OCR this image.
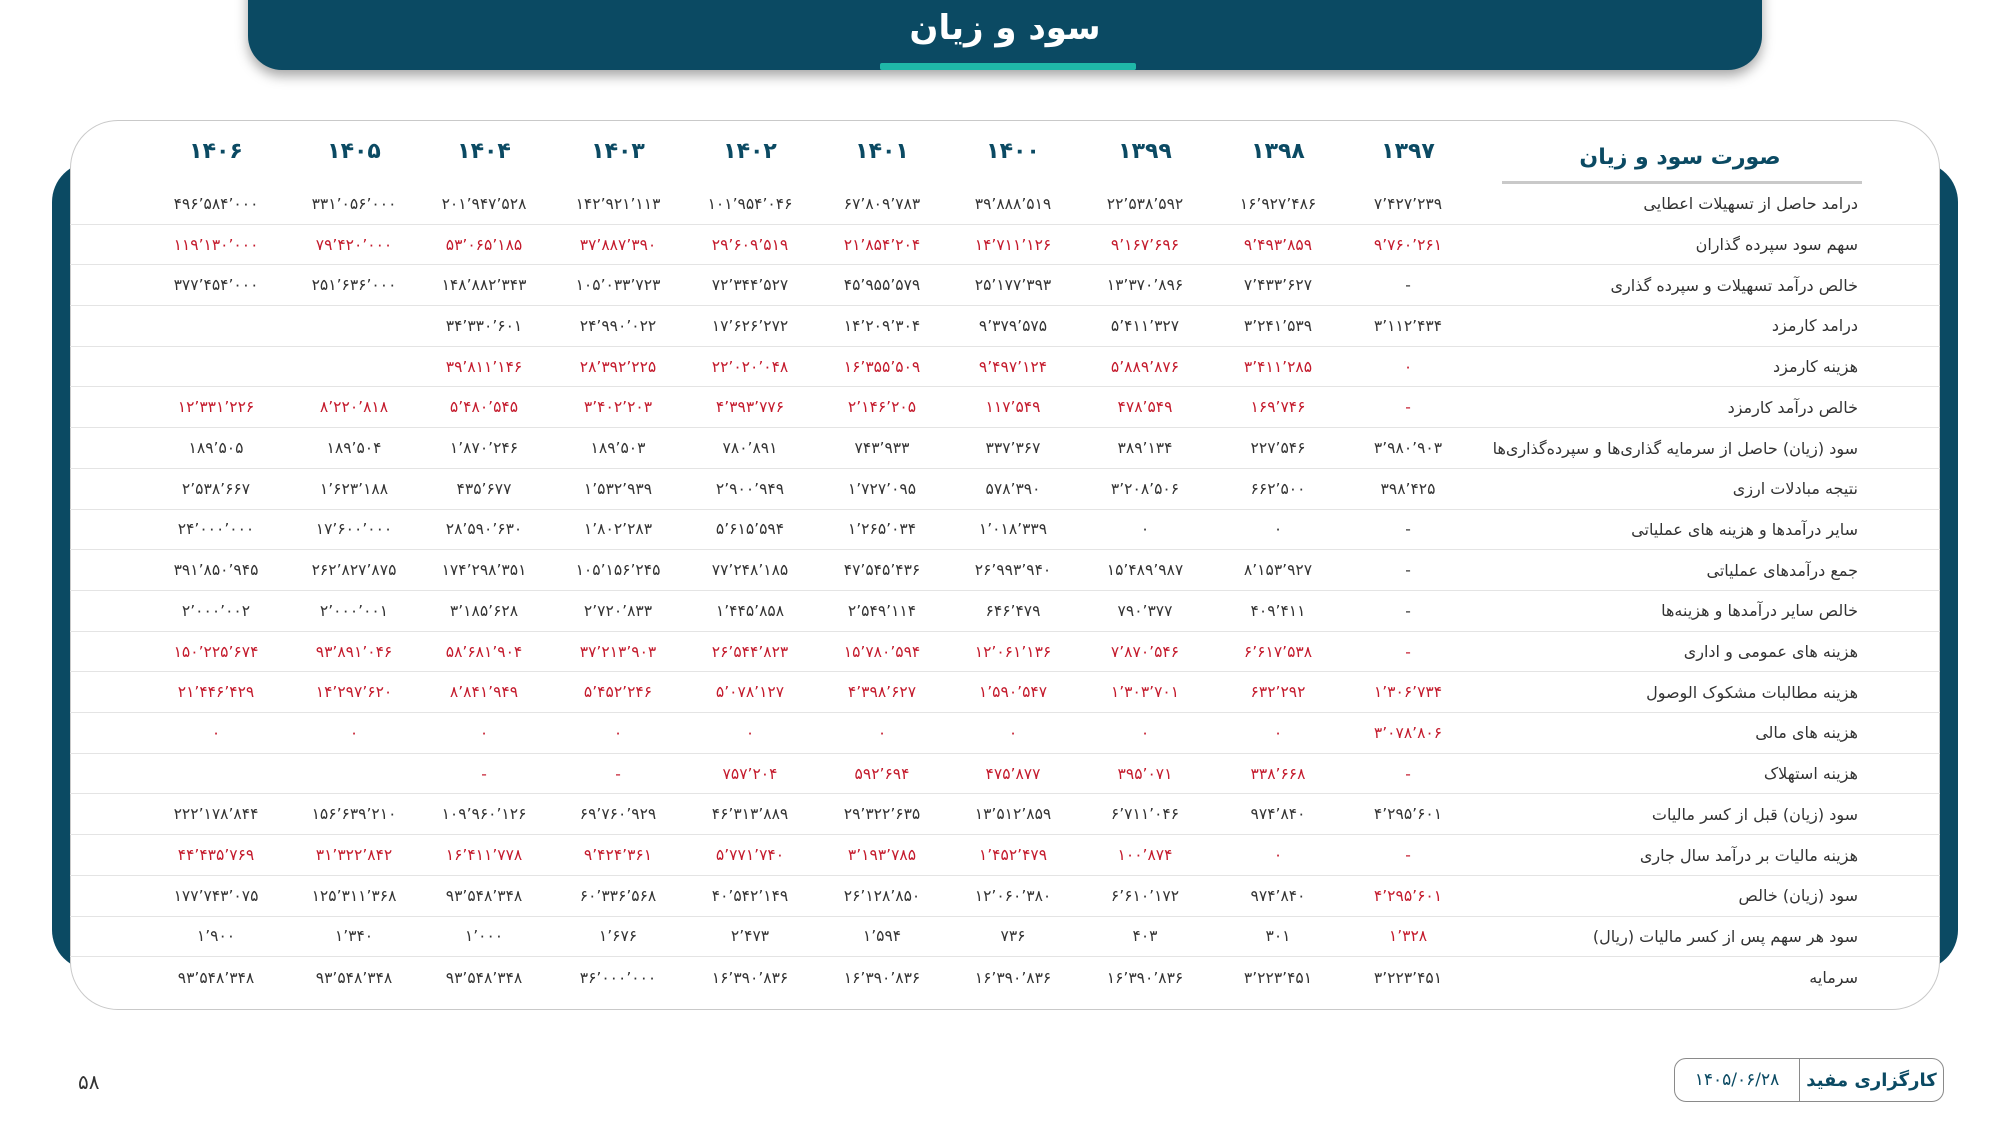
سود و زیان
صورت سود و زیان
۱۳۹۷
۱۳۹۸
۱۳۹۹
۱۴۰۰
۱۴۰۱
۱۴۰۲
۱۴۰۳
۱۴۰۴
۱۴۰۵
۱۴۰۶
درامد حاصل از تسهیلات اعطایی
۷٬۴۲۷٬۲۳۹
۱۶٬۹۲۷٬۴۸۶
۲۲٬۵۳۸٬۵۹۲
۳۹٬۸۸۸٬۵۱۹
۶۷٬۸۰۹٬۷۸۳
۱۰۱٬۹۵۴٬۰۴۶
۱۴۲٬۹۲۱٬۱۱۳
۲۰۱٬۹۴۷٬۵۲۸
۳۳۱٬۰۵۶٬۰۰۰
۴۹۶٬۵۸۴٬۰۰۰
سهم سود سپرده گذاران
۹٬۷۶۰٬۲۶۱
۹٬۴۹۳٬۸۵۹
۹٬۱۶۷٬۶۹۶
۱۴٬۷۱۱٬۱۲۶
۲۱٬۸۵۴٬۲۰۴
۲۹٬۶۰۹٬۵۱۹
۳۷٬۸۸۷٬۳۹۰
۵۳٬۰۶۵٬۱۸۵
۷۹٬۴۲۰٬۰۰۰
۱۱۹٬۱۳۰٬۰۰۰
خالص درآمد تسهیلات و سپرده گذاری
-
۷٬۴۳۳٬۶۲۷
۱۳٬۳۷۰٬۸۹۶
۲۵٬۱۷۷٬۳۹۳
۴۵٬۹۵۵٬۵۷۹
۷۲٬۳۴۴٬۵۲۷
۱۰۵٬۰۳۳٬۷۲۳
۱۴۸٬۸۸۲٬۳۴۳
۲۵۱٬۶۳۶٬۰۰۰
۳۷۷٬۴۵۴٬۰۰۰
درامد کارمزد
۳٬۱۱۲٬۴۳۴
۳٬۲۴۱٬۵۳۹
۵٬۴۱۱٬۳۲۷
۹٬۳۷۹٬۵۷۵
۱۴٬۲۰۹٬۳۰۴
۱۷٬۶۲۶٬۲۷۲
۲۴٬۹۹۰٬۰۲۲
۳۴٬۳۳۰٬۶۰۱
هزینه کارمزد
۰
۳٬۴۱۱٬۲۸۵
۵٬۸۸۹٬۸۷۶
۹٬۴۹۷٬۱۲۴
۱۶٬۳۵۵٬۵۰۹
۲۲٬۰۲۰٬۰۴۸
۲۸٬۳۹۲٬۲۲۵
۳۹٬۸۱۱٬۱۴۶
خالص درآمد کارمزد
-
۱۶۹٬۷۴۶
۴۷۸٬۵۴۹
۱۱۷٬۵۴۹
۲٬۱۴۶٬۲۰۵
۴٬۳۹۳٬۷۷۶
۳٬۴۰۲٬۲۰۳
۵٬۴۸۰٬۵۴۵
۸٬۲۲۰٬۸۱۸
۱۲٬۳۳۱٬۲۲۶
سود (زیان) حاصل از سرمایه گذاری‌ها و سپرده‌گذاری‌ها
۳٬۹۸۰٬۹۰۳
۲۲۷٬۵۴۶
۳۸۹٬۱۳۴
۳۳۷٬۳۶۷
۷۴۳٬۹۳۳
۷۸۰٬۸۹۱
۱۸۹٬۵۰۳
۱٬۸۷۰٬۲۴۶
۱۸۹٬۵۰۴
۱۸۹٬۵۰۵
نتیجه مبادلات ارزی
۳۹۸٬۴۲۵
۶۶۲٬۵۰۰
۳٬۲۰۸٬۵۰۶
۵۷۸٬۳۹۰
۱٬۷۲۷٬۰۹۵
۲٬۹۰۰٬۹۴۹
۱٬۵۳۲٬۹۳۹
۴۳۵٬۶۷۷
۱٬۶۲۳٬۱۸۸
۲٬۵۳۸٬۶۶۷
سایر درآمدها و هزینه های عملیاتی
-
۰
۰
۱٬۰۱۸٬۳۳۹
۱٬۲۶۵٬۰۳۴
۵٬۶۱۵٬۵۹۴
۱٬۸۰۲٬۲۸۳
۲۸٬۵۹۰٬۶۳۰
۱۷٬۶۰۰٬۰۰۰
۲۴٬۰۰۰٬۰۰۰
جمع درآمدهای عملیاتی
-
۸٬۱۵۳٬۹۲۷
۱۵٬۴۸۹٬۹۸۷
۲۶٬۹۹۳٬۹۴۰
۴۷٬۵۴۵٬۴۳۶
۷۷٬۲۴۸٬۱۸۵
۱۰۵٬۱۵۶٬۲۴۵
۱۷۴٬۲۹۸٬۳۵۱
۲۶۲٬۸۲۷٬۸۷۵
۳۹۱٬۸۵۰٬۹۴۵
خالص سایر درآمدها و هزینه‌ها
-
۴۰۹٬۴۱۱
۷۹۰٬۳۷۷
۶۴۶٬۴۷۹
۲٬۵۴۹٬۱۱۴
۱٬۴۴۵٬۸۵۸
۲٬۷۲۰٬۸۳۳
۳٬۱۸۵٬۶۲۸
۲٬۰۰۰٬۰۰۱
۲٬۰۰۰٬۰۰۲
هزینه های عمومی و اداری
-
۶٬۶۱۷٬۵۳۸
۷٬۸۷۰٬۵۴۶
۱۲٬۰۶۱٬۱۳۶
۱۵٬۷۸۰٬۵۹۴
۲۶٬۵۴۴٬۸۲۳
۳۷٬۲۱۳٬۹۰۳
۵۸٬۶۸۱٬۹۰۴
۹۳٬۸۹۱٬۰۴۶
۱۵۰٬۲۲۵٬۶۷۴
هزینه مطالبات مشکوک الوصول
۱٬۳۰۶٬۷۳۴
۶۳۲٬۲۹۲
۱٬۳۰۳٬۷۰۱
۱٬۵۹۰٬۵۴۷
۴٬۳۹۸٬۶۲۷
۵٬۰۷۸٬۱۲۷
۵٬۴۵۲٬۲۴۶
۸٬۸۴۱٬۹۴۹
۱۴٬۲۹۷٬۶۲۰
۲۱٬۴۴۶٬۴۲۹
هزینه های مالی
۳٬۰۷۸٬۸۰۶
۰
۰
۰
۰
۰
۰
۰
۰
۰
هزینه استهلاک
-
۳۳۸٬۶۶۸
۳۹۵٬۰۷۱
۴۷۵٬۸۷۷
۵۹۲٬۶۹۴
۷۵۷٬۲۰۴
-
-
سود (زیان) قبل از کسر مالیات
۴٬۲۹۵٬۶۰۱
۹۷۴٬۸۴۰
۶٬۷۱۱٬۰۴۶
۱۳٬۵۱۲٬۸۵۹
۲۹٬۳۲۲٬۶۳۵
۴۶٬۳۱۳٬۸۸۹
۶۹٬۷۶۰٬۹۲۹
۱۰۹٬۹۶۰٬۱۲۶
۱۵۶٬۶۳۹٬۲۱۰
۲۲۲٬۱۷۸٬۸۴۴
هزینه مالیات بر درآمد سال جاری
-
۰
۱۰۰٬۸۷۴
۱٬۴۵۲٬۴۷۹
۳٬۱۹۳٬۷۸۵
۵٬۷۷۱٬۷۴۰
۹٬۴۲۴٬۳۶۱
۱۶٬۴۱۱٬۷۷۸
۳۱٬۳۲۲٬۸۴۲
۴۴٬۴۳۵٬۷۶۹
سود (زیان) خالص
۴٬۲۹۵٬۶۰۱
۹۷۴٬۸۴۰
۶٬۶۱۰٬۱۷۲
۱۲٬۰۶۰٬۳۸۰
۲۶٬۱۲۸٬۸۵۰
۴۰٬۵۴۲٬۱۴۹
۶۰٬۳۳۶٬۵۶۸
۹۳٬۵۴۸٬۳۴۸
۱۲۵٬۳۱۱٬۳۶۸
۱۷۷٬۷۴۳٬۰۷۵
سود هر سهم پس از کسر مالیات (ریال)
۱٬۳۲۸
۳۰۱
۴۰۳
۷۳۶
۱٬۵۹۴
۲٬۴۷۳
۱٬۶۷۶
۱٬۰۰۰
۱٬۳۴۰
۱٬۹۰۰
سرمایه
۳٬۲۲۳٬۴۵۱
۳٬۲۲۳٬۴۵۱
۱۶٬۳۹۰٬۸۳۶
۱۶٬۳۹۰٬۸۳۶
۱۶٬۳۹۰٬۸۳۶
۱۶٬۳۹۰٬۸۳۶
۳۶٬۰۰۰٬۰۰۰
۹۳٬۵۴۸٬۳۴۸
۹۳٬۵۴۸٬۳۴۸
۹۳٬۵۴۸٬۳۴۸
۵۸	کارگزاری مفید
۱۴۰۵/۰۶/۲۸
